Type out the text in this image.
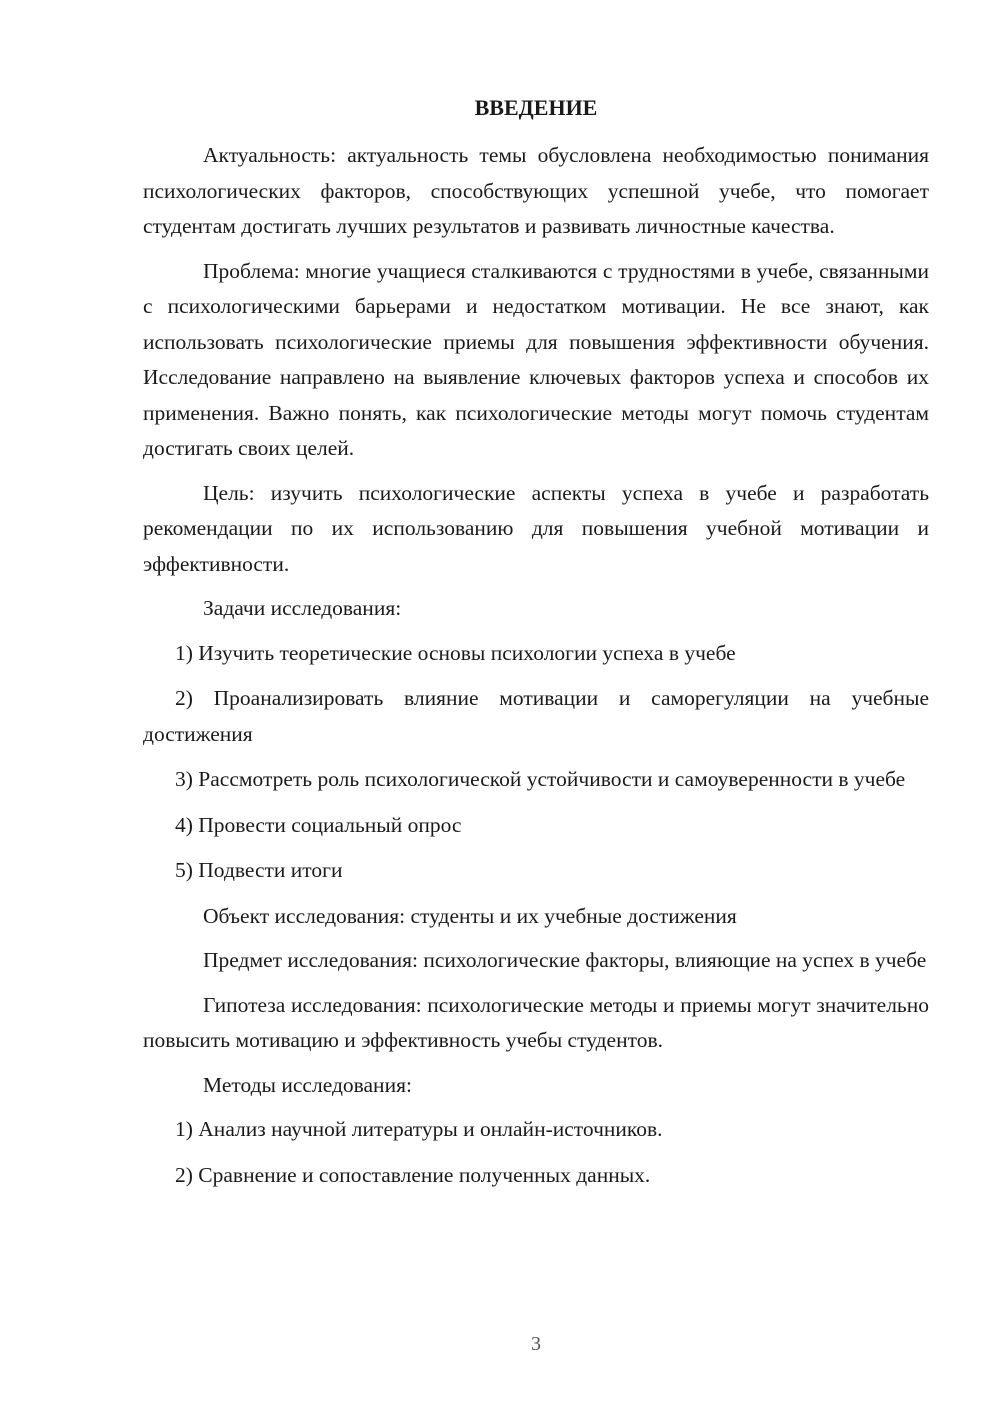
ВВЕДЕНИЕ

Актуальность: актуальность темы обусловлена необходимостью понимания психологических факторов, способствующих успешной учебе, что помогает студентам достигать лучших результатов и развивать личностные качества.

Проблема: многие учащиеся сталкиваются с трудностями в учебе, связанными с психологическими барьерами и недостатком мотивации. Не все знают, как использовать психологические приемы для повышения эффективности обучения. Исследование направлено на выявление ключевых факторов успеха и способов их применения. Важно понять, как психологические методы могут помочь студентам достигать своих целей.

Цель: изучить психологические аспекты успеха в учебе и разработать рекомендации по их использованию для повышения учебной мотивации и эффективности.

Задачи исследования:

1) Изучить теоретические основы психологии успеха в учебе

2) Проанализировать влияние мотивации и саморегуляции на учебные достижения

3) Рассмотреть роль психологической устойчивости и самоуверенности в учебе

4) Провести социальный опрос

5) Подвести итоги

Объект исследования: студенты и их учебные достижения

Предмет исследования: психологические факторы, влияющие на успех в учебе

Гипотеза исследования: психологические методы и приемы могут значительно повысить мотивацию и эффективность учебы студентов.

Методы исследования:

1) Анализ научной литературы и онлайн-источников.

2) Сравнение и сопоставление полученных данных.

3
